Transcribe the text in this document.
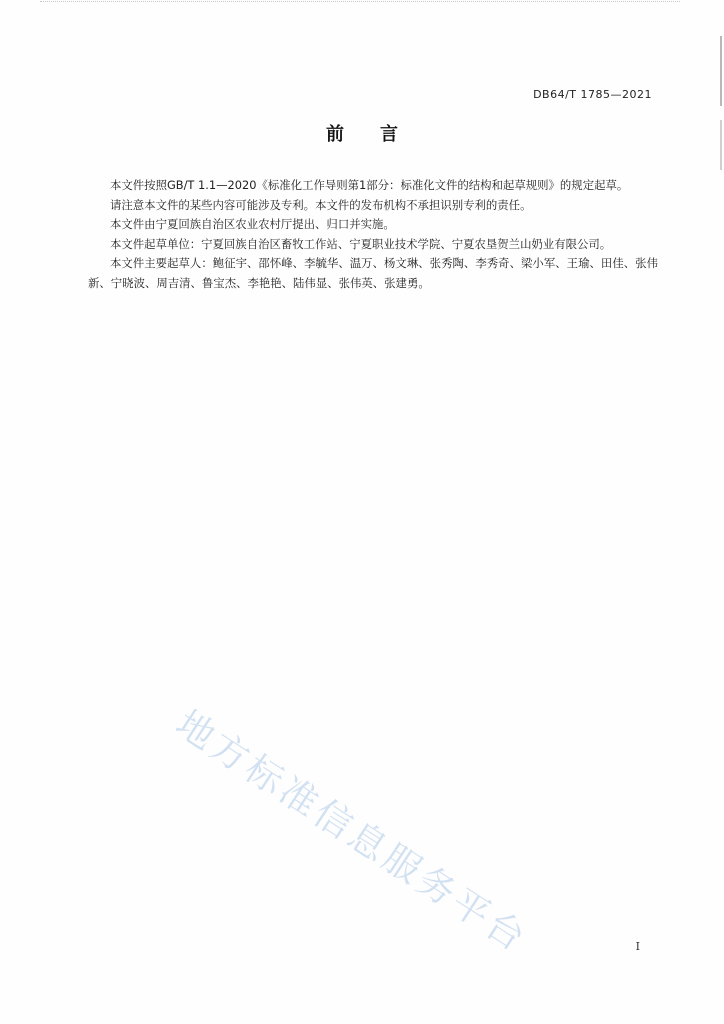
DB64/T 1785—2021
前言

本文件按照GB/T 1.1—2020《标准化工作导则第1部分：标准化文件的结构和起草规则》的规定起草。

请注意本文件的某些内容可能涉及专利。本文件的发布机构不承担识别专利的责任。

本文件由宁夏回族自治区农业农村厅提出、归口并实施。

本文件起草单位：宁夏回族自治区畜牧工作站、宁夏职业技术学院、宁夏农垦贺兰山奶业有限公司。

本文件主要起草人：鲍征宇、邵怀峰、李毓华、温万、杨文琳、张秀陶、李秀奇、梁小军、王瑜、田佳、张伟新、宁晓波、周吉清、鲁宝杰、李艳艳、陆伟显、张伟英、张建勇。

地方标准信息服务平台	I
